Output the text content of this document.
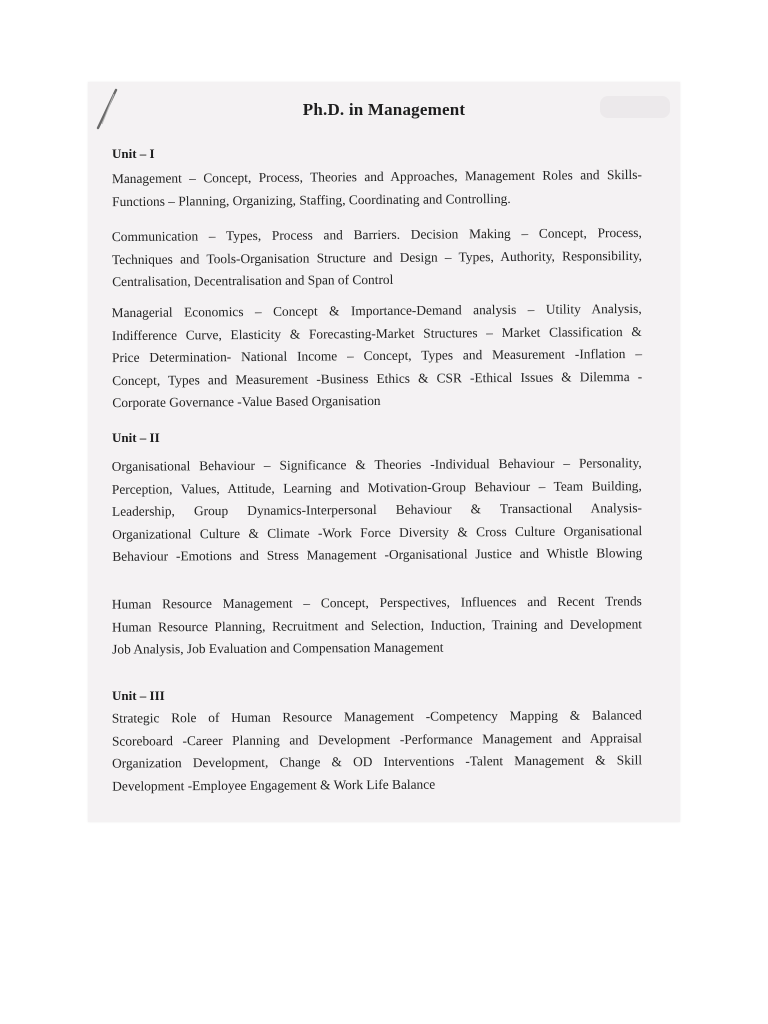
Ph.D. in Management
Unit – I
Management – Concept, Process, Theories and Approaches, Management Roles and Skills-
Functions – Planning, Organizing, Staffing, Coordinating and Controlling.
Communication – Types, Process and Barriers. Decision Making – Concept, Process,
Techniques and Tools-Organisation Structure and Design – Types, Authority, Responsibility,
Centralisation, Decentralisation and Span of Control
Managerial Economics – Concept & Importance-Demand analysis – Utility Analysis,
Indifference Curve, Elasticity & Forecasting-Market Structures – Market Classification &
Price Determination- National Income – Concept, Types and Measurement -Inflation –
Concept, Types and Measurement -Business Ethics & CSR -Ethical Issues & Dilemma -
Corporate Governance -Value Based Organisation
Unit – II
Organisational Behaviour – Significance & Theories -Individual Behaviour – Personality,
Perception, Values, Attitude, Learning and Motivation-Group Behaviour – Team Building,
Leadership, Group Dynamics-Interpersonal Behaviour & Transactional Analysis-
Organizational Culture & Climate -Work Force Diversity & Cross Culture Organisational
Behaviour -Emotions and Stress Management -Organisational Justice and Whistle Blowing
Human Resource Management – Concept, Perspectives, Influences and Recent Trends
Human Resource Planning, Recruitment and Selection, Induction, Training and Development
Job Analysis, Job Evaluation and Compensation Management
Unit – III
Strategic Role of Human Resource Management -Competency Mapping & Balanced
Scoreboard -Career Planning and Development -Performance Management and Appraisal
Organization Development, Change & OD Interventions -Talent Management & Skill
Development -Employee Engagement & Work Life Balance
